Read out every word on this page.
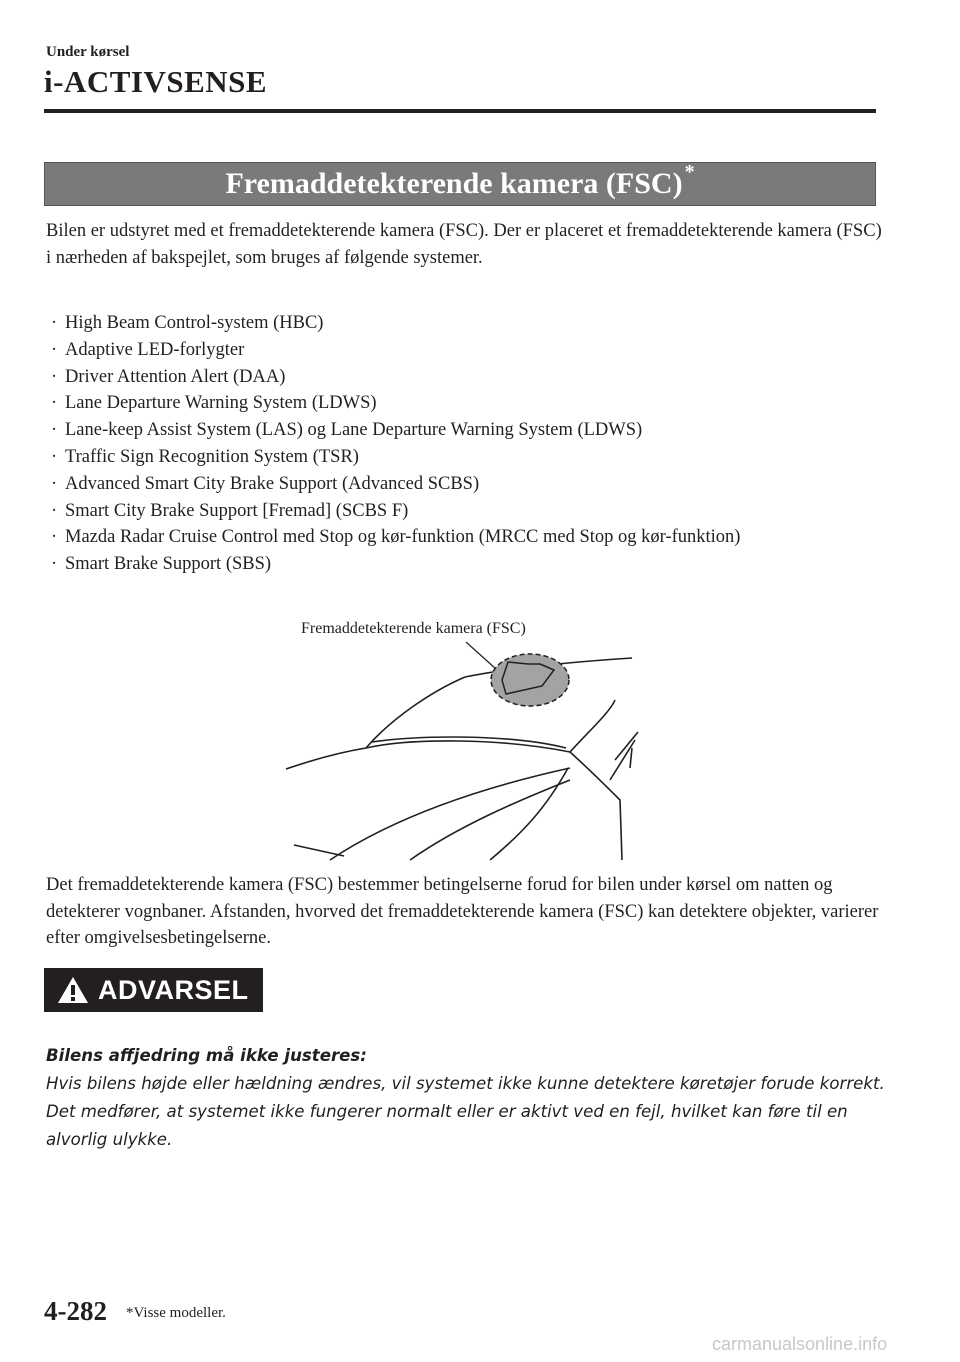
Under kørsel
i-ACTIVSENSE
Fremaddetekterende kamera (FSC) *
Bilen er udstyret med et fremaddetekterende kamera (FSC). Der er placeret et fremaddetekterende kamera (FSC) i nærheden af bakspejlet, som bruges af følgende systemer.
· High Beam Control-system (HBC)
· Adaptive LED-forlygter
· Driver Attention Alert (DAA)
· Lane Departure Warning System (LDWS)
· Lane-keep Assist System (LAS) og Lane Departure Warning System (LDWS)
· Traffic Sign Recognition System (TSR)
· Advanced Smart City Brake Support (Advanced SCBS)
· Smart City Brake Support [Fremad] (SCBS F)
· Mazda Radar Cruise Control med Stop og kør-funktion (MRCC med Stop og kør-funktion)
· Smart Brake Support (SBS)
Fremaddetekterende kamera (FSC)
Det fremaddetekterende kamera (FSC) bestemmer betingelserne forud for bilen under kørsel om natten og detekterer vognbaner. Afstanden, hvorved det fremaddetekterende kamera (FSC) kan detektere objekter, varierer efter omgivelsesbetingelserne.
ADVARSEL
Bilens affjedring må ikke justeres:
Hvis bilens højde eller hældning ændres, vil systemet ikke kunne detektere køretøjer forude korrekt. Det medfører, at systemet ikke fungerer normalt eller er aktivt ved en fejl, hvilket kan føre til en alvorlig ulykke.
4-282 *Visse modeller.
carmanualsonline.info
